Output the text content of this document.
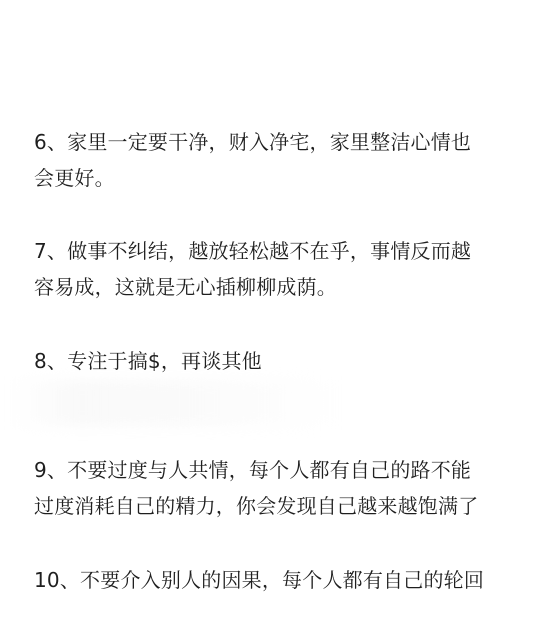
6、家里一定要干净，财入净宅，家里整洁心情也
会更好。

7、做事不纠结，越放轻松越不在乎，事情反而越
容易成，这就是无心插柳柳成荫。

8、专注于搞$，再谈其他

9、不要过度与人共情，每个人都有自己的路不能
过度消耗自己的精力，你会发现自己越来越饱满了

10、不要介入别人的因果，每个人都有自己的轮回
